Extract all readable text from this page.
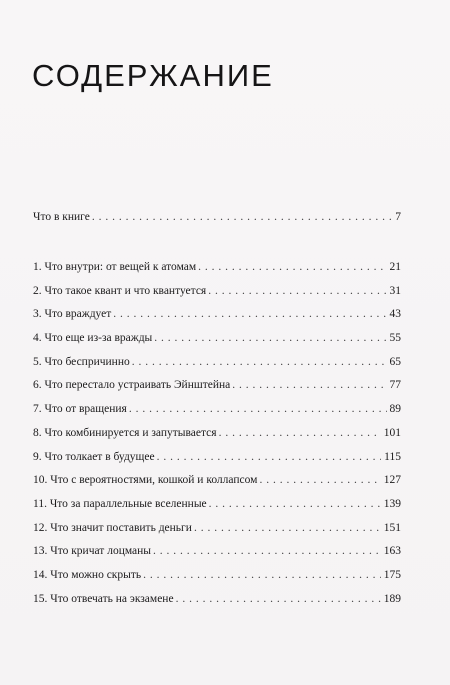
СОДЕРЖАНИЕ
Что в книге . . .	7
1. Что внутри: от вещей к атомам . . .	21
2. Что такое квант и что квантуется . . .	31
3. Что враждует . . .	43
4. Что еще из-за вражды . . .	55
5. Что беспричинно . . .	65
6. Что перестало устраивать Эйнштейна . . .	77
7. Что от вращения . . .	89
8. Что комбинируется и запутывается . . .	101
9. Что толкает в будущее . . .	115
10. Что с вероятностями, кошкой и коллапсом . . .	127
11. Что за параллельные вселенные . . .	139
12. Что значит поставить деньги . . .	151
13. Что кричат лоцманы . . .	163
14. Что можно скрыть . . .	175
15. Что отвечать на экзамене . . .	189
